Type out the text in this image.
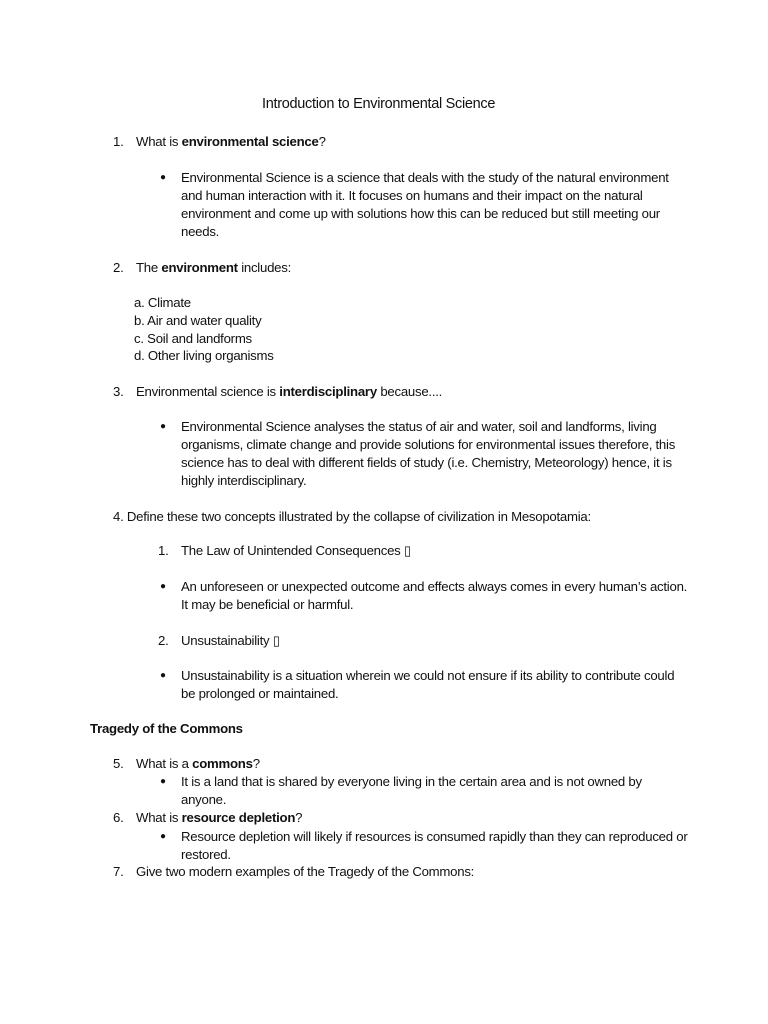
Introduction to Environmental Science
1. What is environmental science?
● Environmental Science is a science that deals with the study of the natural environment
and human interaction with it. It focuses on humans and their impact on the natural
environment and come up with solutions how this can be reduced but still meeting our
needs.
2. The environment includes:
a. Climate
b. Air and water quality
c. Soil and landforms
d. Other living organisms
3. Environmental science is interdisciplinary because....
● Environmental Science analyses the status of air and water, soil and landforms, living
organisms, climate change and provide solutions for environmental issues therefore, this
science has to deal with different fields of study (i.e. Chemistry, Meteorology) hence, it is
highly interdisciplinary.
4. Define these two concepts illustrated by the collapse of civilization in Mesopotamia:
1. The Law of Unintended Consequences ▯
● An unforeseen or unexpected outcome and effects always comes in every human’s action.
It may be beneficial or harmful.
2. Unsustainability ▯
● Unsustainability is a situation wherein we could not ensure if its ability to contribute could
be prolonged or maintained.
Tragedy of the Commons
5. What is a commons?
● It is a land that is shared by everyone living in the certain area and is not owned by
anyone.
6. What is resource depletion?
● Resource depletion will likely if resources is consumed rapidly than they can reproduced or
restored.
7. Give two modern examples of the Tragedy of the Commons:
